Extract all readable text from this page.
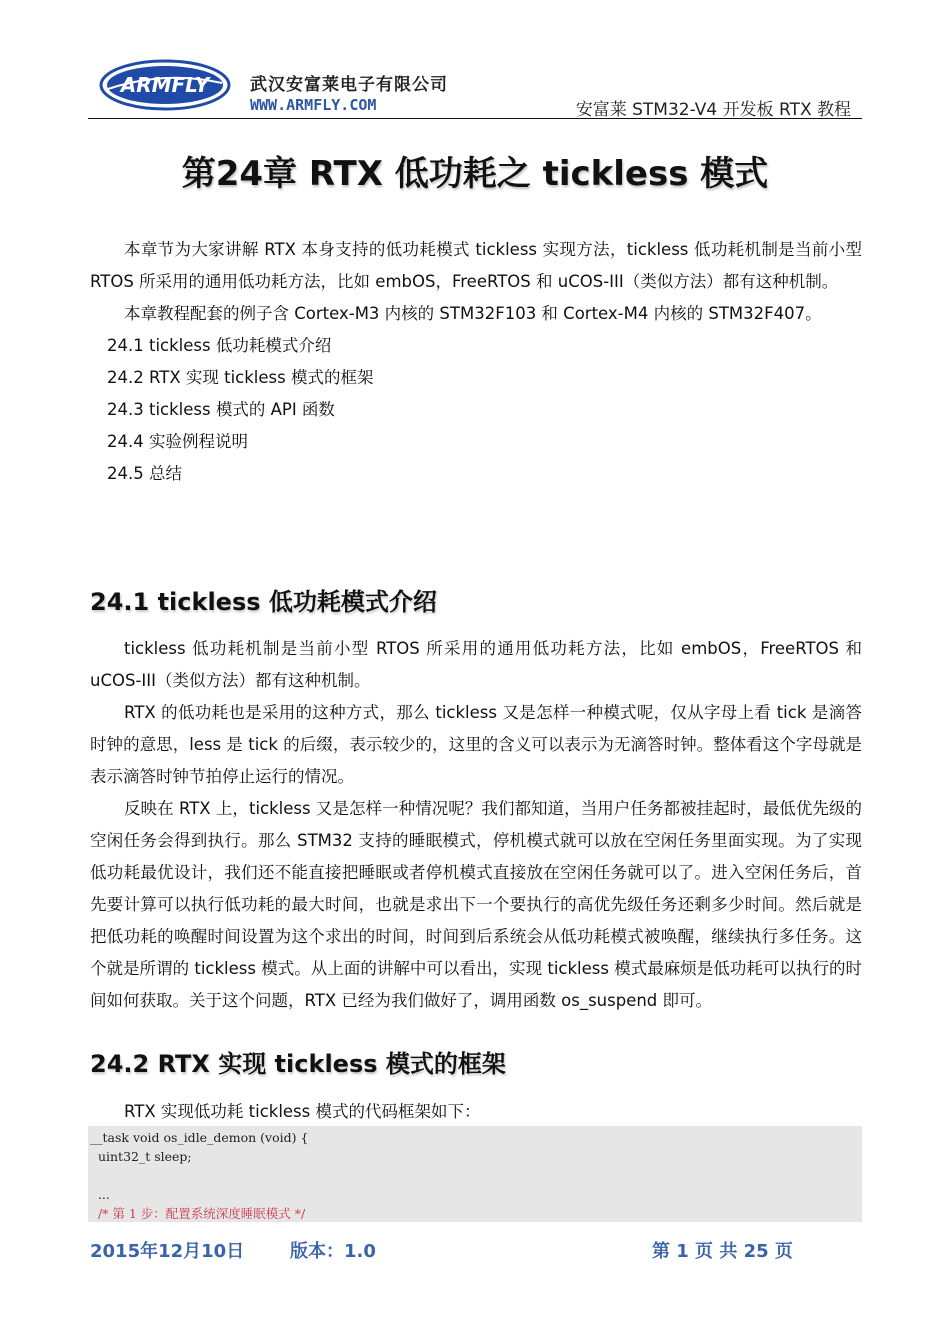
ARMFLY 武汉安富莱电子有限公司
WWW.ARMFLY.COM	安富莱 STM32-V4 开发板 RTX 教程
第24章 RTX 低功耗之 tickless 模式
本章节为大家讲解 RTX 本身支持的低功耗模式 tickless 实现方法，tickless 低功耗机制是当前小型 RTOS 所采用的通用低功耗方法，比如 embOS，FreeRTOS 和 uCOS-III（类似方法）都有这种机制。
本章教程配套的例子含 Cortex-M3 内核的 STM32F103 和 Cortex-M4 内核的 STM32F407。
24.1 tickless 低功耗模式介绍
24.2 RTX 实现 tickless 模式的框架
24.3 tickless 模式的 API 函数
24.4 实验例程说明
24.5 总结
24.1 tickless 低功耗模式介绍
tickless 低功耗机制是当前小型 RTOS 所采用的通用低功耗方法，比如 embOS，FreeRTOS 和 uCOS-III（类似方法）都有这种机制。
RTX 的低功耗也是采用的这种方式，那么 tickless 又是怎样一种模式呢，仅从字母上看 tick 是滴答时钟的意思，less 是 tick 的后缀，表示较少的，这里的含义可以表示为无滴答时钟。整体看这个字母就是表示滴答时钟节拍停止运行的情况。
反映在 RTX 上，tickless 又是怎样一种情况呢？我们都知道，当用户任务都被挂起时，最低优先级的空闲任务会得到执行。那么 STM32 支持的睡眠模式，停机模式就可以放在空闲任务里面实现。为了实现低功耗最优设计，我们还不能直接把睡眠或者停机模式直接放在空闲任务就可以了。进入空闲任务后，首先要计算可以执行低功耗的最大时间，也就是求出下一个要执行的高优先级任务还剩多少时间。然后就是把低功耗的唤醒时间设置为这个求出的时间，时间到后系统会从低功耗模式被唤醒，继续执行多任务。这个就是所谓的 tickless 模式。从上面的讲解中可以看出，实现 tickless 模式最麻烦是低功耗可以执行的时间如何获取。关于这个问题，RTX 已经为我们做好了，调用函数 os_suspend 即可。
24.2 RTX 实现 tickless 模式的框架
RTX 实现低功耗 tickless 模式的代码框架如下：
__task void os_idle_demon (void) {
uint32_t sleep;

...
/* 第 1 步：配置系统深度睡眠模式 */
2015年12月10日	版本：1.0	第 1 页 共 25 页
